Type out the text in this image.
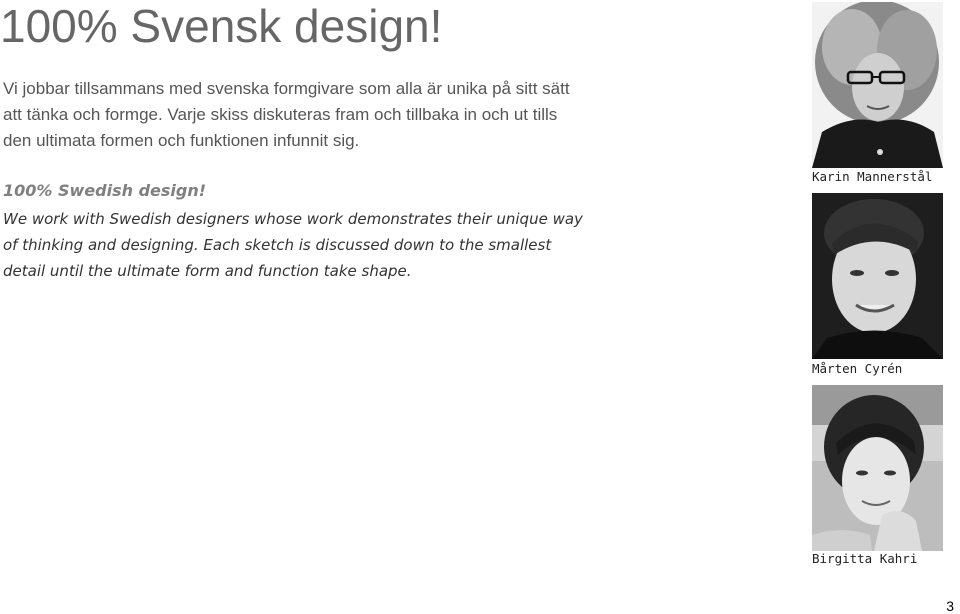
100% Svensk design!
Vi jobbar tillsammans med svenska formgivare som alla är unika på sitt sätt
att tänka och formge. Varje skiss diskuteras fram och tillbaka in och ut tills
den ultimata formen och funktionen infunnit sig.
100% Swedish design!
We work with Swedish designers whose work demonstrates their unique way
of thinking and designing. Each sketch is discussed down to the smallest
detail until the ultimate form and function take shape.
Karin Mannerstål
Mårten Cyrén
Birgitta Kahri
3
